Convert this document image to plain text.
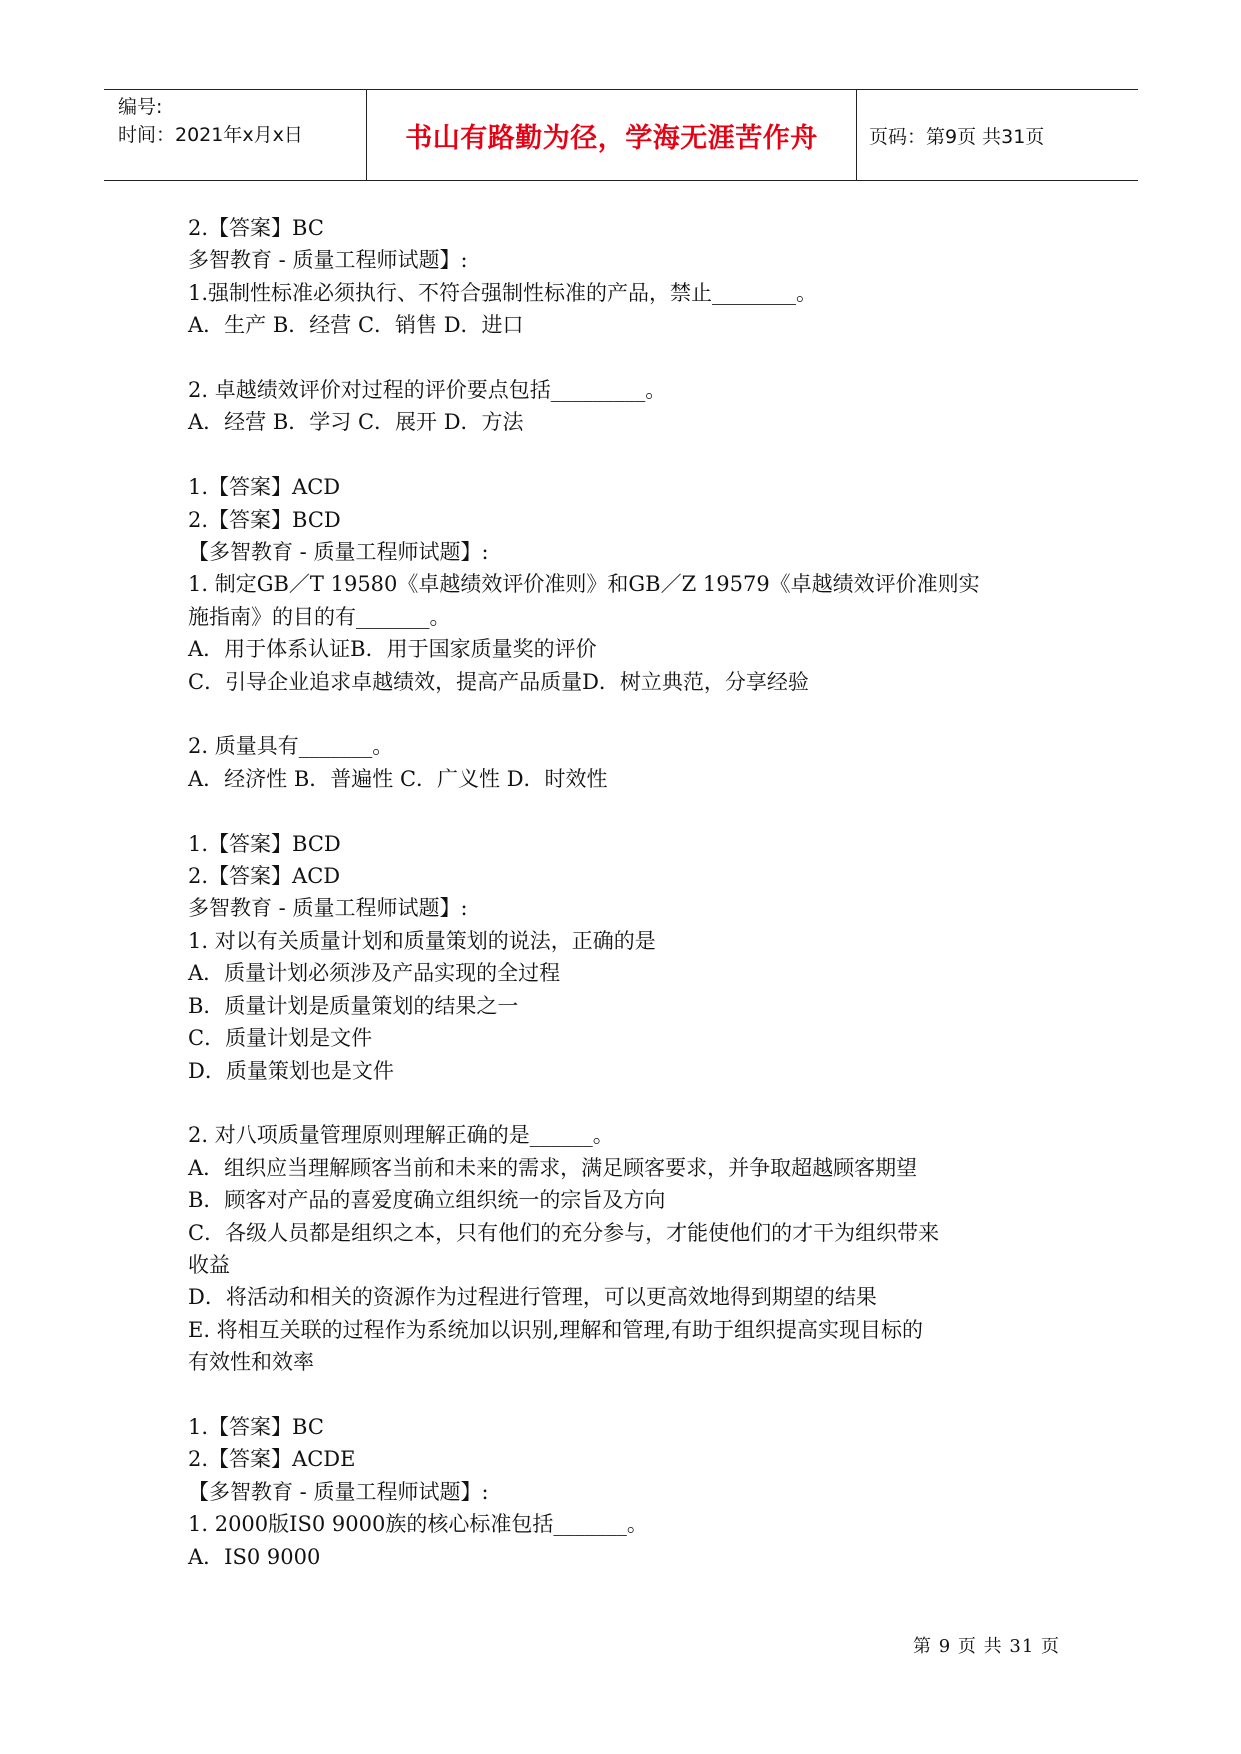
编号:
时间：2021年x月x日	书山有路勤为径，学海无涯苦作舟	页码：第9页 共31页
2.【答案】BC
多智教育 - 质量工程师试题】:
1.强制性标准必须执行、不符合强制性标准的产品，禁止________。
A．生产 B．经营 C．销售 D．进口
2. 卓越绩效评价对过程的评价要点包括_________。
A．经营 B．学习 C．展开 D．方法
1.【答案】ACD
2.【答案】BCD
【多智教育 - 质量工程师试题】:
1. 制定GB／T 19580《卓越绩效评价准则》和GB／Z 19579《卓越绩效评价准则实
施指南》的目的有_______。
A．用于体系认证B．用于国家质量奖的评价
C．引导企业追求卓越绩效，提高产品质量D．树立典范，分享经验
2. 质量具有_______。
A．经济性 B．普遍性 C．广义性 D．时效性
1.【答案】BCD
2.【答案】ACD
多智教育 - 质量工程师试题】:
1. 对以有关质量计划和质量策划的说法，正确的是
A．质量计划必须涉及产品实现的全过程
B．质量计划是质量策划的结果之一
C．质量计划是文件
D．质量策划也是文件
2. 对八项质量管理原则理解正确的是______。
A．组织应当理解顾客当前和未来的需求，满足顾客要求，并争取超越顾客期望
B．顾客对产品的喜爱度确立组织统一的宗旨及方向
C．各级人员都是组织之本，只有他们的充分参与，才能使他们的才干为组织带来
收益
D．将活动和相关的资源作为过程进行管理，可以更高效地得到期望的结果
E. 将相互关联的过程作为系统加以识别,理解和管理,有助于组织提高实现目标的
有效性和效率
1.【答案】BC
2.【答案】ACDE
【多智教育 - 质量工程师试题】:
1. 2000版IS0 9000族的核心标准包括_______。
A．IS0 9000
第 9 页 共 31 页
